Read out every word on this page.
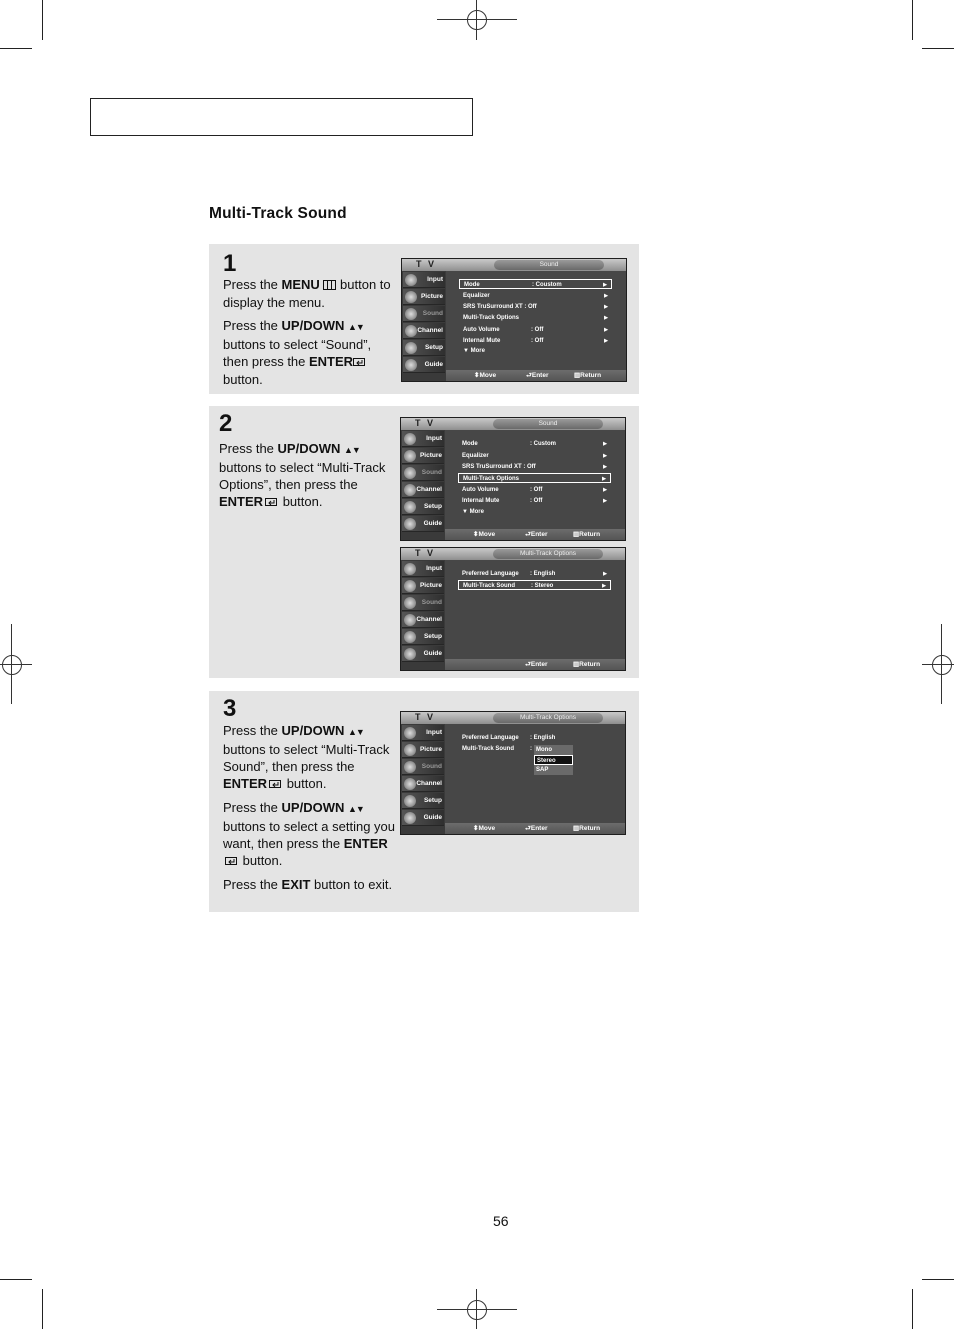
Multi-Track Sound
1

Press the MENU  button to display the menu.

Press the UP/DOWN ▲▼ buttons to select “Sound”, then press the ENTER button.

T V	Sound
Input
Picture
Sound
Channel
Setup
Guide
Mode	: Coustom	▶
Equalizer	▶
SRS TruSurround XT : Off	▶
Multi-Track Options	▶
Auto Volume	: Off	▶
Internal Mute	: Off	▶
▼ More
⬍ Move	⮐ Enter	▥ Return
2

Press the UP/DOWN ▲▼ buttons to select “Multi-Track Options”, then press the ENTER button.

T V	Sound
Input
Picture
Sound
Channel
Setup
Guide
Mode	: Custom	▶
Equalizer	▶
SRS TruSurround XT : Off	▶
Multi-Track Options	▶
Auto Volume	: Off	▶
Internal Mute	: Off	▶
▼ More
⬍ Move	⮐ Enter	▥ Return
T V	Multi-Track Options
Input
Picture
Sound
Channel
Setup
Guide
Preferred Language : English	▶
Multi-Track Sound	: Stereo	▶
⮐ Enter	▥ Return
3

Press the UP/DOWN ▲▼ buttons to select “Multi-Track Sound”, then press the ENTER button.

Press the UP/DOWN ▲▼ buttons to select a setting you want, then press the ENTER button.

Press the EXIT button to exit.

T V	Multi-Track Options
Input
Picture
Sound
Channel
Setup
Guide
Preferred Language : English
Multi-Track Sound	: Mono
Stereo
SAP
⬍ Move	⮐ Enter	▥ Return
56
